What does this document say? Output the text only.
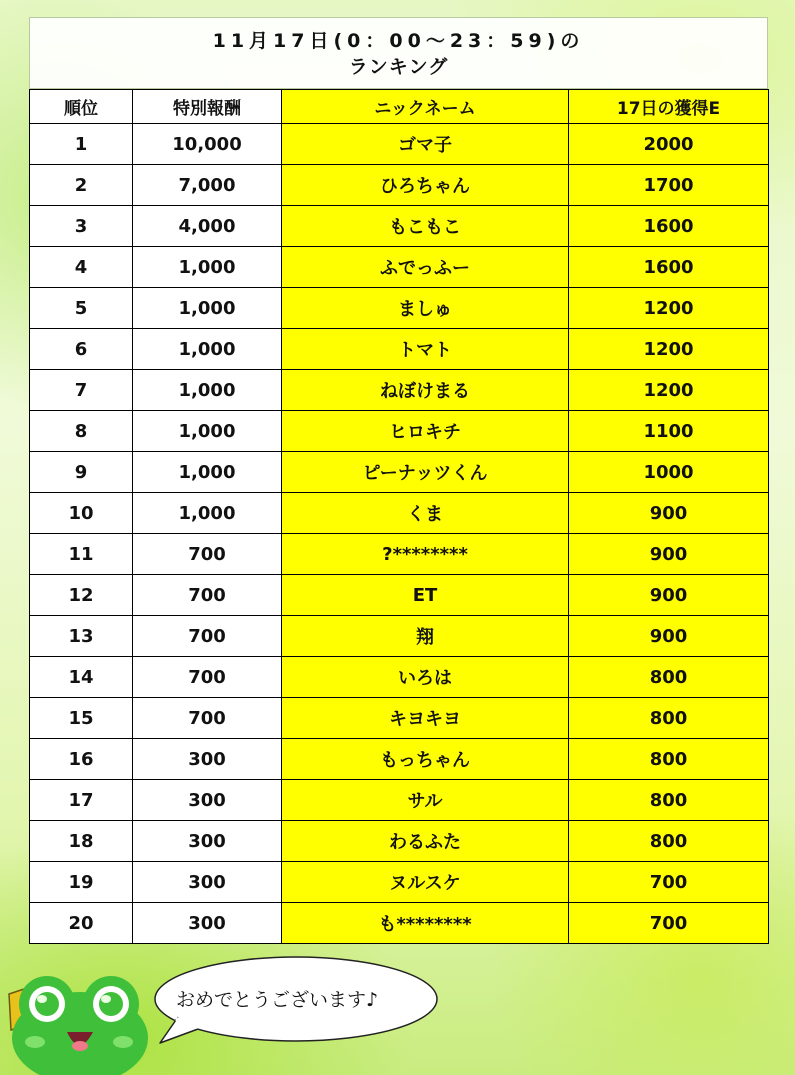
11月17日(0：00～23：59)の
ランキング
順位	特別報酬	ニックネーム	17日の獲得E
1	10,000	ゴマ子	2000
2	7,000	ひろちゃん	1700
3	4,000	もこもこ	1600
4	1,000	ふでっふー	1600
5	1,000	ましゅ	1200
6	1,000	トマト	1200
7	1,000	ねぼけまる	1200
8	1,000	ヒロキチ	1100
9	1,000	ピーナッツくん	1000
10	1,000	くま	900
11	700	?********	900
12	700	ET	900
13	700	翔	900
14	700	いろは	800
15	700	キヨキヨ	800
16	300	もっちゃん	800
17	300	サル	800
18	300	わるふた	800
19	300	ヌルスケ	700
20	300	も********	700
おめでとうございます♪
